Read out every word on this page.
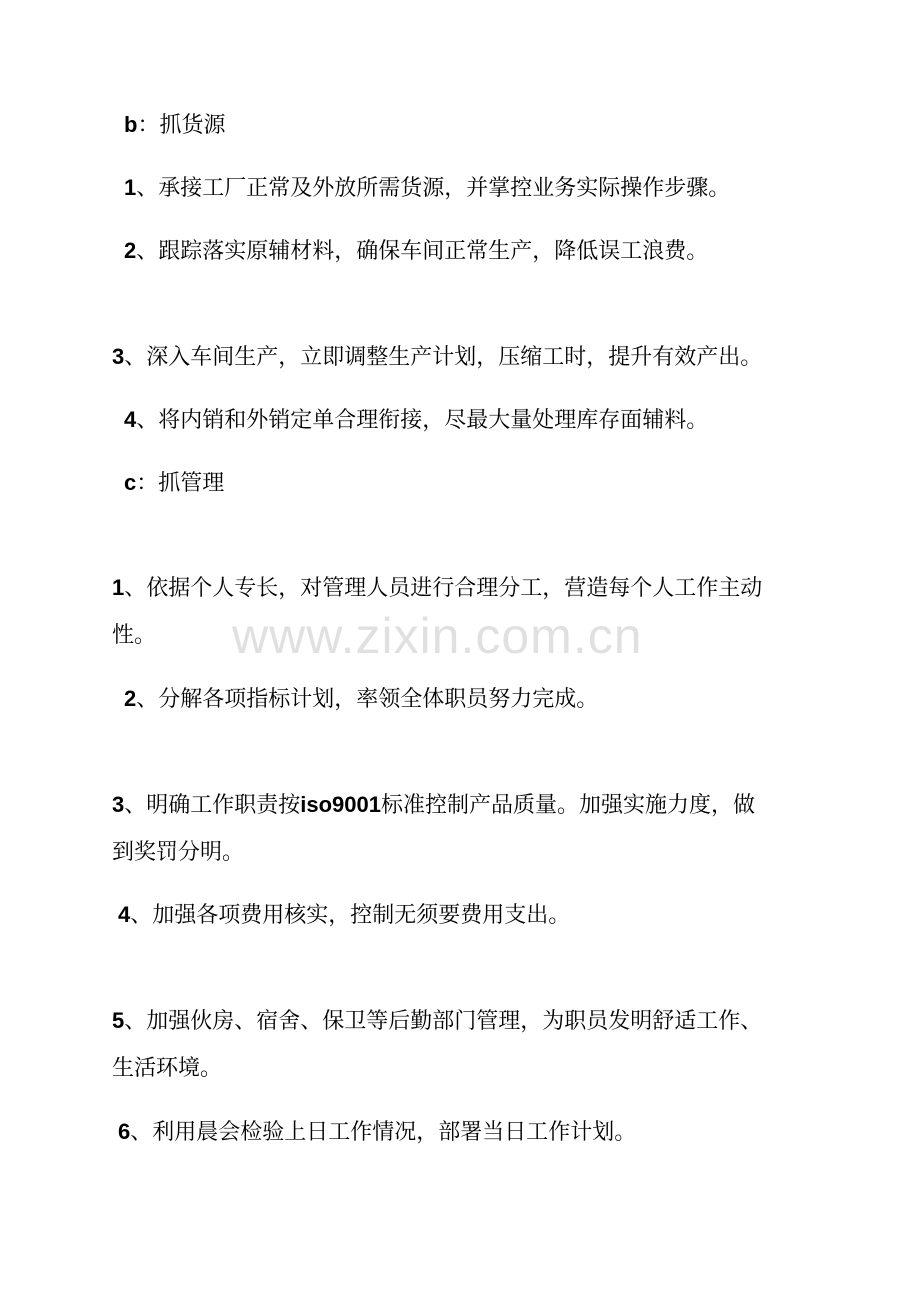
b：抓货源
1、承接工厂正常及外放所需货源，并掌控业务实际操作步骤。
2、跟踪落实原辅材料，确保车间正常生产，降低误工浪费。
3、深入车间生产，立即调整生产计划，压缩工时，提升有效产出。
4、将内销和外销定单合理衔接，尽最大量处理库存面辅料。
c：抓管理
1、依据个人专长，对管理人员进行合理分工，营造每个人工作主动
性。 www.zixin.com.cn
2、分解各项指标计划，率领全体职员努力完成。
3、明确工作职责按iso9001标准控制产品质量。加强实施力度，做
到奖罚分明。
4、加强各项费用核实，控制无须要费用支出。
5、加强伙房、宿舍、保卫等后勤部门管理，为职员发明舒适工作、
生活环境。
6、利用晨会检验上日工作情况，部署当日工作计划。
